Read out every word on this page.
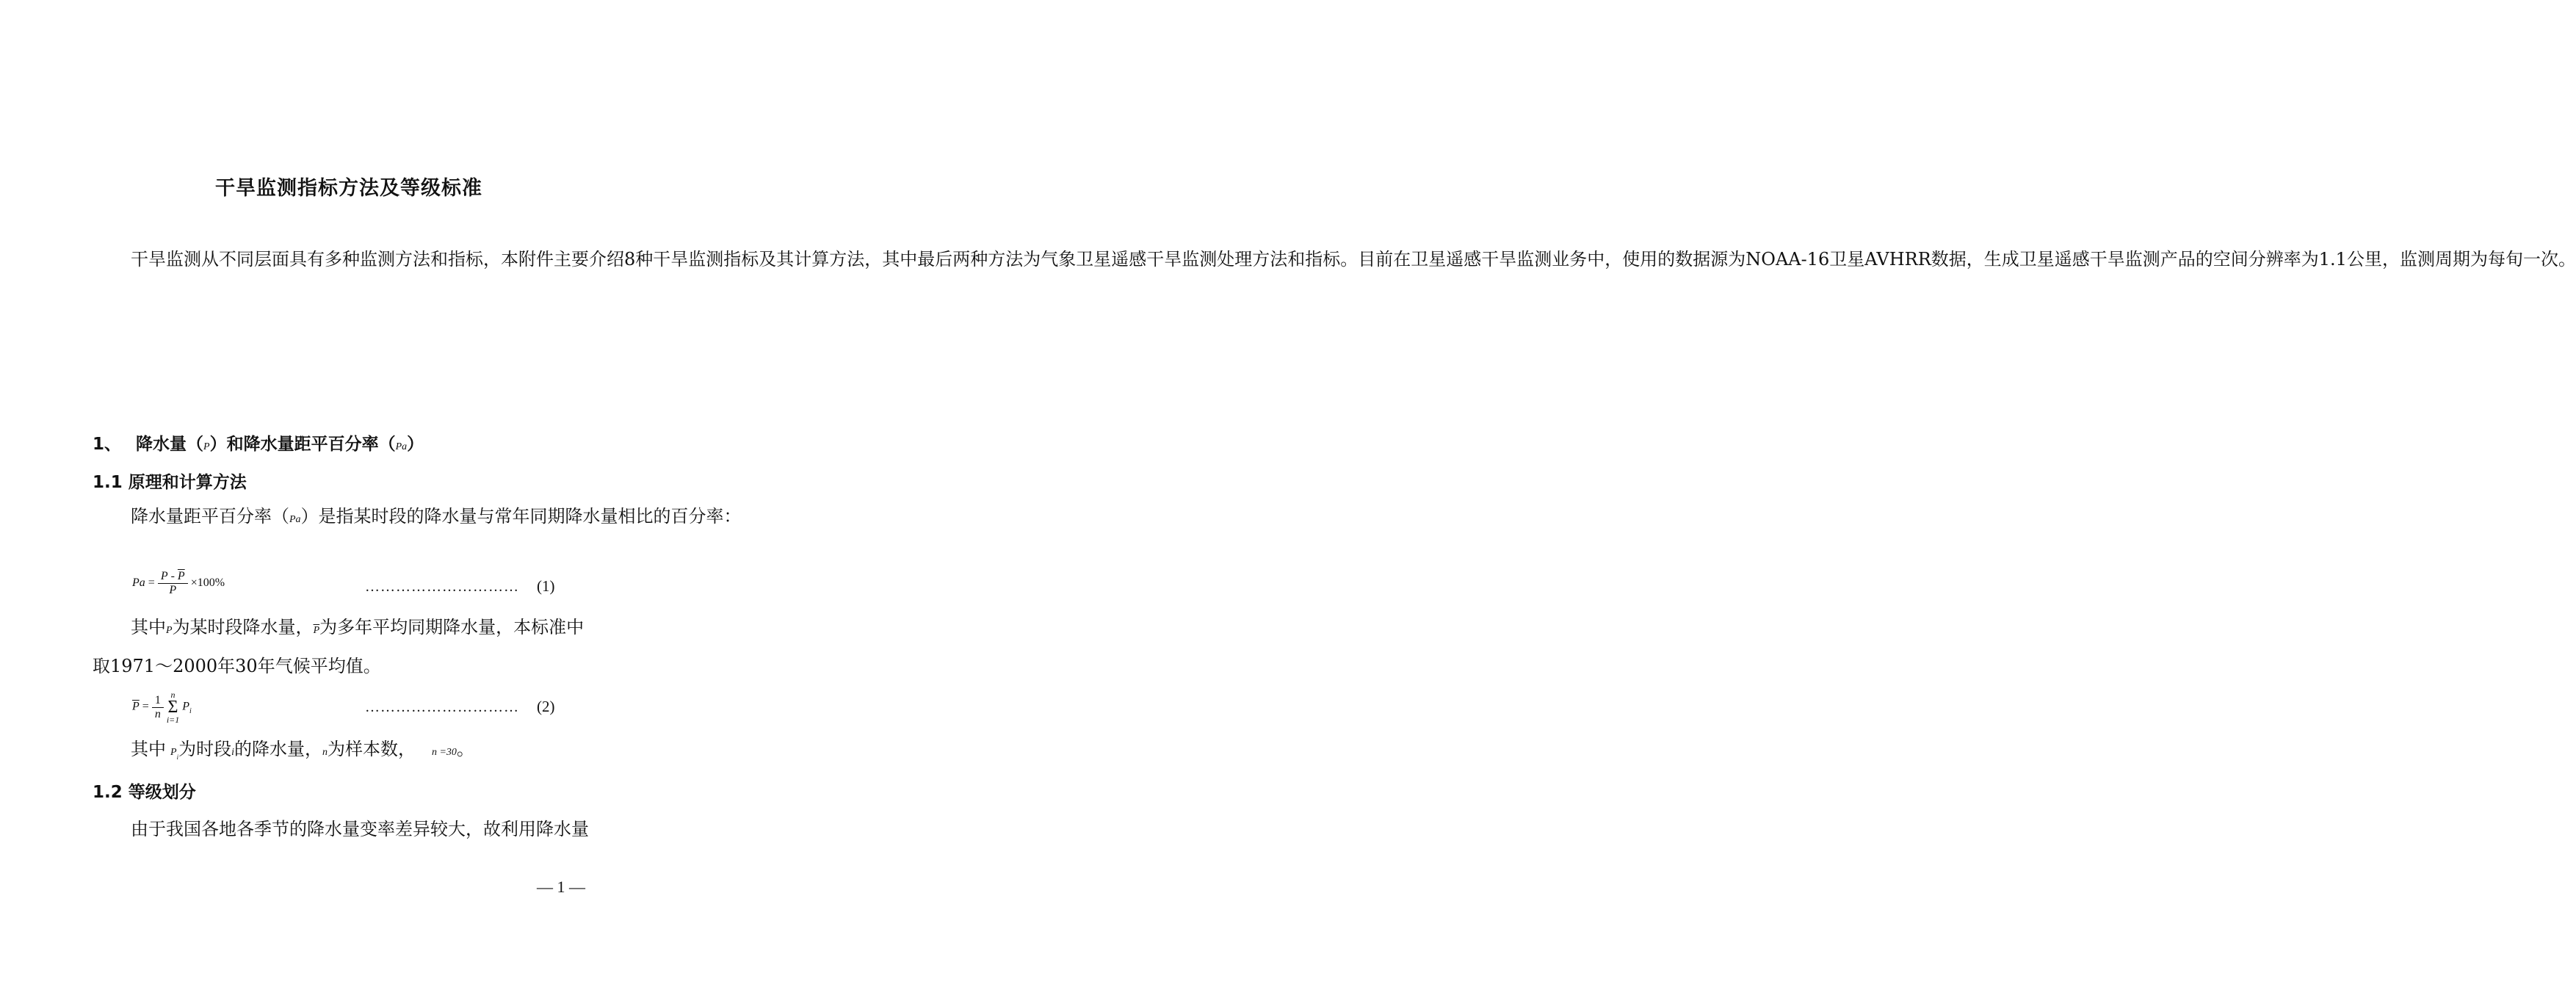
干旱监测指标方法及等级标准
干旱监测从不同层面具有多种监测方法和指标，本附件主要介绍8种干旱监测指标及其计算方法，其中最后两种方法为气象卫星遥感干旱监测处理方法和指标。目前在卫星遥感干旱监测业务中，使用的数据源为NOAA-16卫星AVHRR数据，生成卫星遥感干旱监测产品的空间分辨率为1.1公里，监测周期为每旬一次。
1、 降水量（P）和降水量距平百分率（Pa）
1.1 原理和计算方法
降水量距平百分率（Pa）是指某时段的降水量与常年同期降水量相比的百分率：
$Pa = \frac{P - \overline{P}}{P} \times 100\%$	………………………… (1)
其中P为某时段降水量，$\overline{P}$为多年平均同期降水量，本标准中
取1971～2000年30年气候平均值。
$\overline{P} = \frac{1}{n}$ n
Σ
i=1 $P_i$	………………………… (2)
其中 $P_i$为时段i的降水量，n为样本数， n =30。
1.2 等级划分
由于我国各地各季节的降水量变率差异较大，故利用降水量
— 1 —
